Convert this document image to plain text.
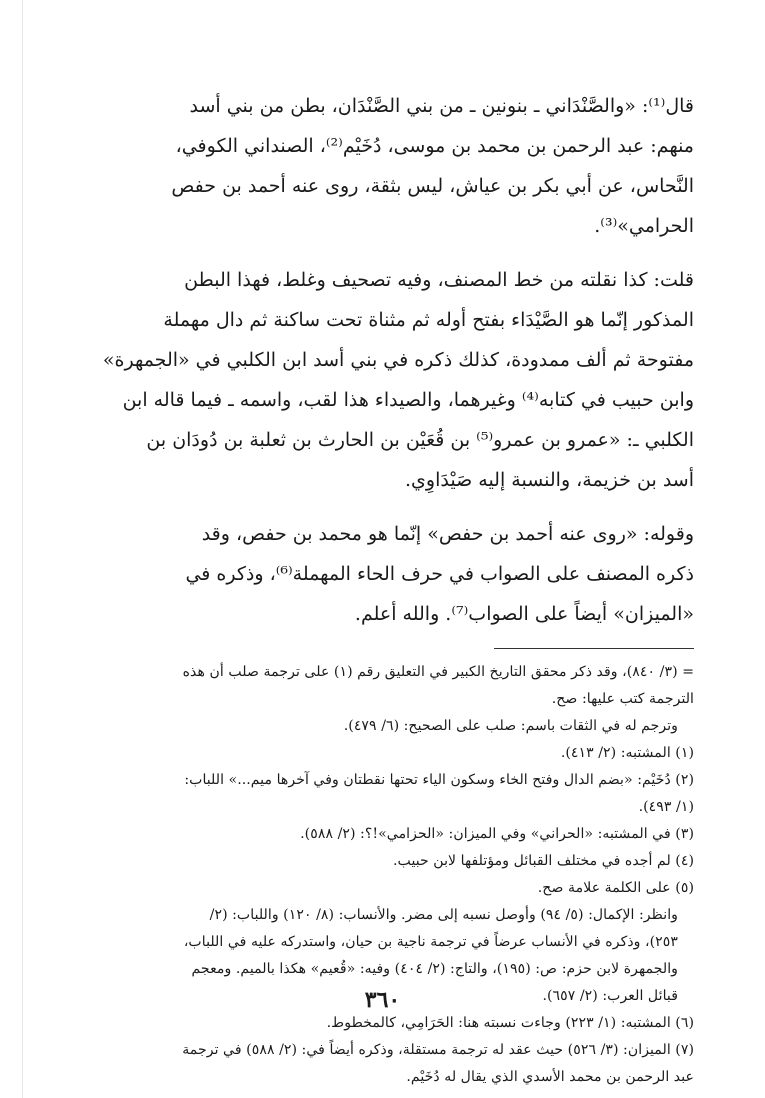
قال⁽¹⁾: «والصَّنْدَاني ـ بنونين ـ من بني الصَّنْدَان، بطن من بني أسد
منهم: عبد الرحمن بن محمد بن موسى، دُخَيْم⁽²⁾، الصنداني الكوفي،
النَّحاس، عن أبي بكر بن عياش، ليس بثقة، روى عنه أحمد بن حفص
الحرامي»⁽³⁾.

قلت: كذا نقلته من خط المصنف، وفيه تصحيف وغلط، فهذا البطن
المذكور إنّما هو الصَّيْدَاء بفتح أوله ثم مثناة تحت ساكنة ثم دال مهملة
مفتوحة ثم ألف ممدودة، كذلك ذكره في بني أسد ابن الكلبي في «الجمهرة»
وابن حبيب في كتابه⁽⁴⁾ وغيرهما، والصيداء هذا لقب، واسمه ـ فيما قاله ابن
الكلبي ـ: «عمرو بن عمرو⁽⁵⁾ بن قُعَيْن بن الحارث بن ثعلبة بن دُودَان بن
أسد بن خزيمة، والنسبة إليه صَيْدَاوِي.

وقوله: «روى عنه أحمد بن حفص» إنّما هو محمد بن حفص، وقد
ذكره المصنف على الصواب في حرف الحاء المهملة⁽⁶⁾، وذكره في
«الميزان» أيضاً على الصواب⁽⁷⁾. والله أعلم.

= (٣/ ٨٤٠)، وقد ذكر محقق التاريخ الكبير في التعليق رقم (١) على ترجمة صلب أن هذه
الترجمة كتب عليها: صح.

وترجم له في الثقات باسم: صلب على الصحيح: (٦/ ٤٧٩).

(١) المشتبه: (٢/ ٤١٣).

(٢) دُخَيْم: «بضم الدال وفتح الخاء وسكون الياء تحتها نقطتان وفي آخرها ميم...» اللباب:
(١/ ٤٩٣).

(٣) في المشتبه: «الحراني» وفي الميزان: «الحزامي»!؟: (٢/ ٥٨٨).

(٤) لم أجده في مختلف القبائل ومؤتلفها لابن حبيب.

(٥) على الكلمة علامة صح.

وانظر: الإكمال: (٥/ ٩٤) وأوصل نسبه إلى مضر. والأنساب: (٨/ ١٢٠) واللباب: (٢/
٢٥٣)، وذكره في الأنساب عرضاً في ترجمة ناجية بن حيان، واستدركه عليه في اللباب،
والجمهرة لابن حزم: ص: (١٩٥)، والتاج: (٢/ ٤٠٤) وفيه: «قُعيم» هكذا بالميم. ومعجم
قبائل العرب: (٢/ ٦٥٧).

(٦) المشتبه: (١/ ٢٢٣) وجاءت نسبته هنا: الحَرَامِي، كالمخطوط.

(٧) الميزان: (٣/ ٥٢٦) حيث عقد له ترجمة مستقلة، وذكره أيضاً في: (٢/ ٥٨٨) في ترجمة
عبد الرحمن بن محمد الأسدي الذي يقال له دُخَيْم.

٣٦٠
